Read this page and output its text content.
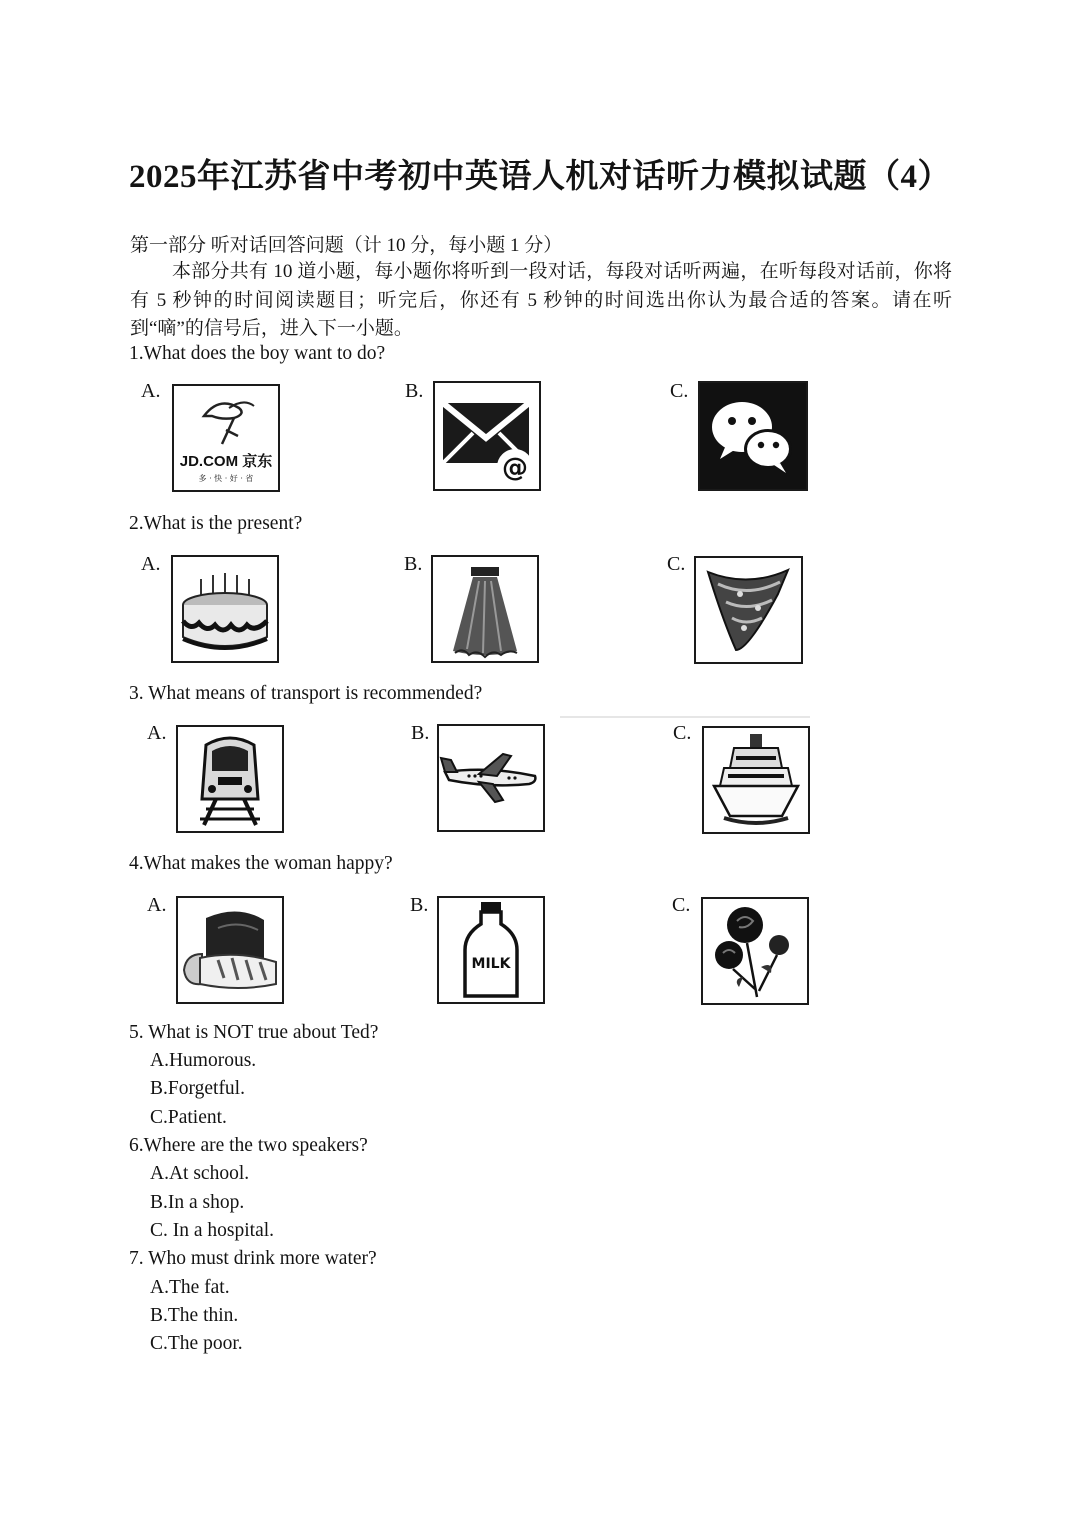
2025年江苏省中考初中英语人机对话听力模拟试题（4）
第一部分 听对话回答问题（计 10 分，每小题 1 分）
本部分共有 10 道小题，每小题你将听到一段对话，每段对话听两遍，在听每段对话前，你将有 5 秒钟的时间阅读题目；听完后，你还有 5 秒钟的时间选出你认为最合适的答案。请在听到“嘀”的信号后，进入下一小题。
1.What does the boy want to do?
A.
JD.COM 京东
多 · 快 · 好 · 省
B.
@
C.
2.What is the present?
A.	B.	C.
3. What means of transport is recommended?
A.	B.	C.
4.What makes the woman happy?
A.	B.
MILK
C.
5. What is NOT true about Ted?
A.Humorous.
B.Forgetful.
C.Patient.
6.Where are the two speakers?
A.At school.
B.In a shop.
C. In a hospital.
7. Who must drink more water?
A.The fat.
B.The thin.
C.The poor.
